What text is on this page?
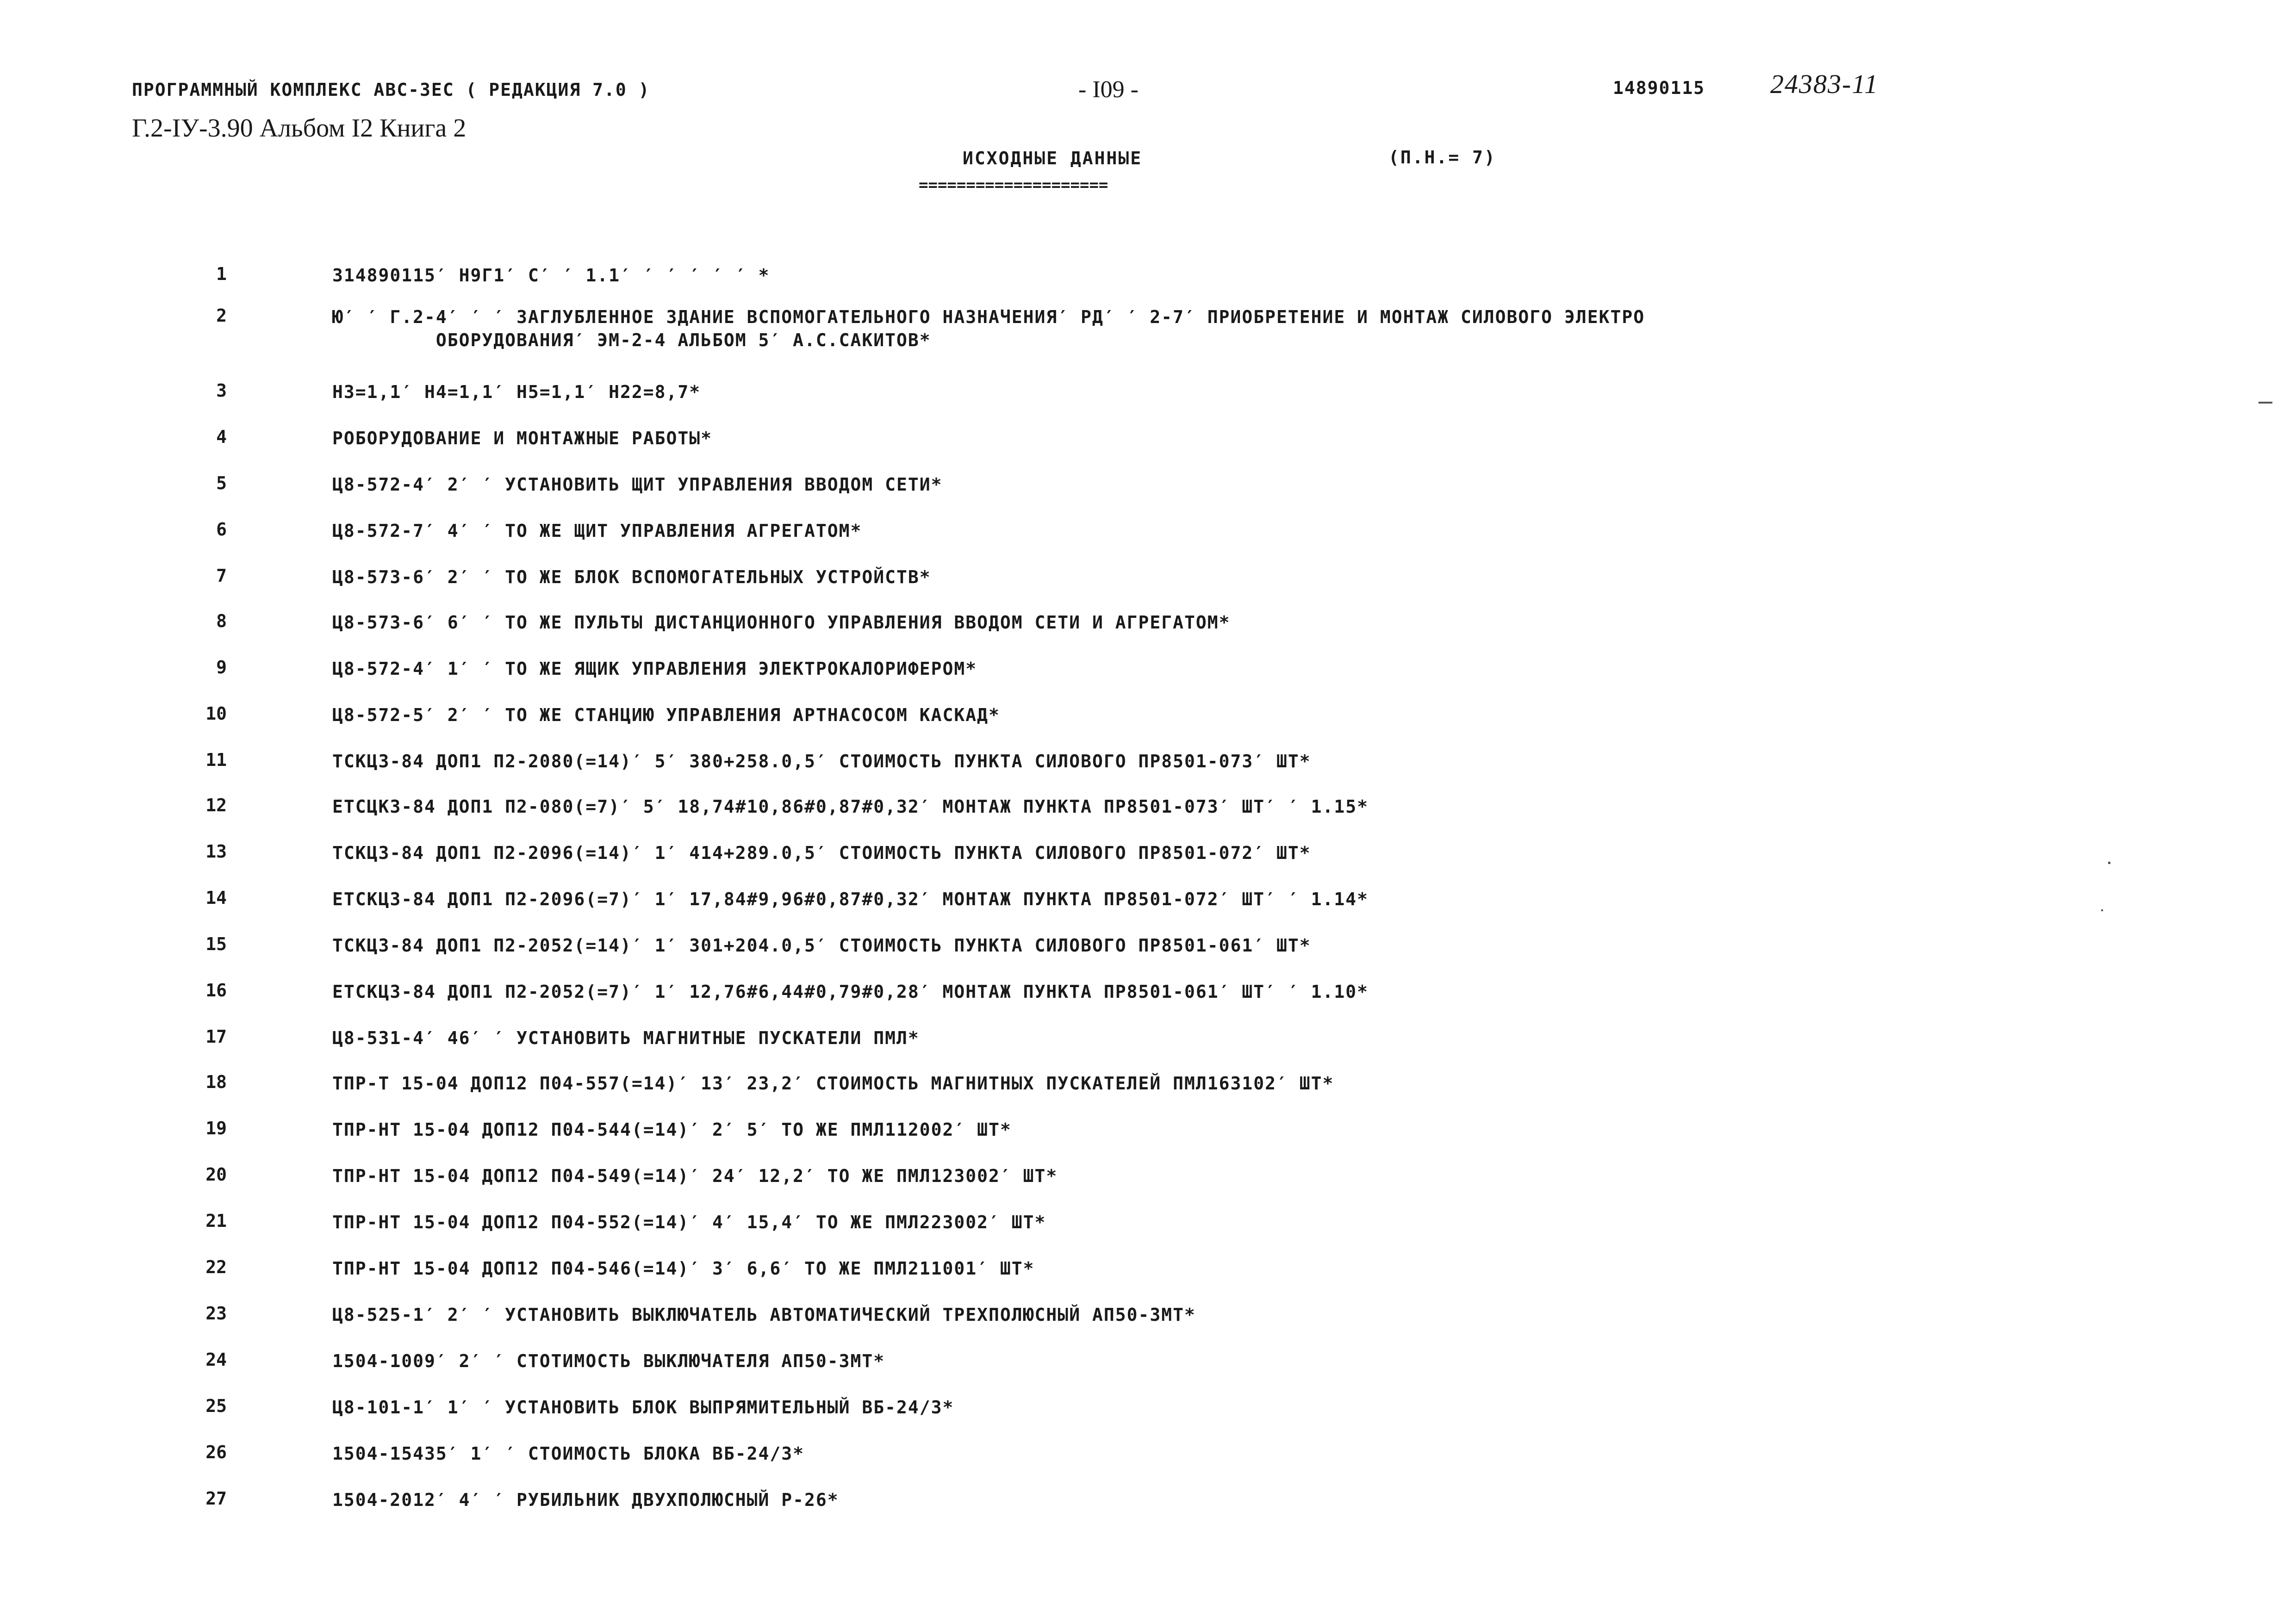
ПРОГРАММНЫЙ КОМПЛЕКС АВС-3ЕС ( РЕДАКЦИЯ 7.0 )	- I09 -	14890115 24383-11
Г.2-IУ-3.90 Альбом I2 Книга 2
ИСХОДНЫЕ ДАННЫЕ
====================
(П.Н.= 7)
1	314890115′ Н9Г1′ С′ ′ 1.1′ ′ ′ ′ ′ ′ *
2	Ю′ ′ Г.2-4′ ′ ′ ЗАГЛУБЛЕННОЕ ЗДАНИЕ ВСПОМОГАТЕЛЬНОГО НАЗНАЧЕНИЯ′ РД′ ′ 2-7′ ПРИОБРЕТЕНИЕ И МОНТАЖ СИЛОВОГО ЭЛЕКТРО
ОБОРУДОВАНИЯ′ ЭМ-2-4 АЛЬБОМ 5′ А.С.САКИТОВ*
3	Н3=1,1′ Н4=1,1′ Н5=1,1′ Н22=8,7*
4	РОБОРУДОВАНИЕ И МОНТАЖНЫЕ РАБОТЫ*
5	Ц8-572-4′ 2′ ′ УСТАНОВИТЬ ЩИТ УПРАВЛЕНИЯ ВВОДОМ СЕТИ*
6	Ц8-572-7′ 4′ ′ ТО ЖЕ ЩИТ УПРАВЛЕНИЯ АГРЕГАТОМ*
7	Ц8-573-6′ 2′ ′ ТО ЖЕ БЛОК ВСПОМОГАТЕЛЬНЫХ УСТРОЙСТВ*
8	Ц8-573-6′ 6′ ′ ТО ЖЕ ПУЛЬТЫ ДИСТАНЦИОННОГО УПРАВЛЕНИЯ ВВОДОМ СЕТИ И АГРЕГАТОМ*
9	Ц8-572-4′ 1′ ′ ТО ЖЕ ЯЩИК УПРАВЛЕНИЯ ЭЛЕКТРОКАЛОРИФЕРОМ*
10	Ц8-572-5′ 2′ ′ ТО ЖЕ СТАНЦИЮ УПРАВЛЕНИЯ АРТНАСОСОМ КАСКАД*
11	ТСКЦ3-84 ДОП1 П2-2080(=14)′ 5′ 380+258.0,5′ СТОИМОСТЬ ПУНКТА СИЛОВОГО ПР8501-073′ ШТ*
12	ЕТСЦКЗ-84 ДОП1 П2-080(=7)′ 5′ 18,74#10,86#0,87#0,32′ МОНТАЖ ПУНКТА ПР8501-073′ ШТ′ ′ 1.15*
13	ТСКЦ3-84 ДОП1 П2-2096(=14)′ 1′ 414+289.0,5′ СТОИМОСТЬ ПУНКТА СИЛОВОГО ПР8501-072′ ШТ*
14	ЕТСКЦ3-84 ДОП1 П2-2096(=7)′ 1′ 17,84#9,96#0,87#0,32′ МОНТАЖ ПУНКТА ПР8501-072′ ШТ′ ′ 1.14*
15	ТСКЦ3-84 ДОП1 П2-2052(=14)′ 1′ 301+204.0,5′ СТОИМОСТЬ ПУНКТА СИЛОВОГО ПР8501-061′ ШТ*
16	ЕТСКЦ3-84 ДОП1 П2-2052(=7)′ 1′ 12,76#6,44#0,79#0,28′ МОНТАЖ ПУНКТА ПР8501-061′ ШТ′ ′ 1.10*
17	Ц8-531-4′ 46′ ′ УСТАНОВИТЬ МАГНИТНЫЕ ПУСКАТЕЛИ ПМЛ*
18	ТПР-Т 15-04 ДОП12 П04-557(=14)′ 13′ 23,2′ СТОИМОСТЬ МАГНИТНЫХ ПУСКАТЕЛЕЙ ПМЛ163102′ ШТ*
19	ТПР-НТ 15-04 ДОП12 П04-544(=14)′ 2′ 5′ ТО ЖЕ ПМЛ112002′ ШТ*
20	ТПР-НТ 15-04 ДОП12 П04-549(=14)′ 24′ 12,2′ ТО ЖЕ ПМЛ123002′ ШТ*
21	ТПР-НТ 15-04 ДОП12 П04-552(=14)′ 4′ 15,4′ ТО ЖЕ ПМЛ223002′ ШТ*
22	ТПР-НТ 15-04 ДОП12 П04-546(=14)′ 3′ 6,6′ ТО ЖЕ ПМЛ211001′ ШТ*
23	Ц8-525-1′ 2′ ′ УСТАНОВИТЬ ВЫКЛЮЧАТЕЛЬ АВТОМАТИЧЕСКИЙ ТРЕХПОЛЮСНЫЙ АП50-3МТ*
24	1504-1009′ 2′ ′ СТОТИМОСТЬ ВЫКЛЮЧАТЕЛЯ АП50-3МТ*
25	Ц8-101-1′ 1′ ′ УСТАНОВИТЬ БЛОК ВЫПРЯМИТЕЛЬНЫЙ ВБ-24/3*
26	1504-15435′ 1′ ′ СТОИМОСТЬ БЛОКА ВБ-24/3*
27	1504-2012′ 4′ ′ РУБИЛЬНИК ДВУХПОЛЮСНЫЙ Р-26*
